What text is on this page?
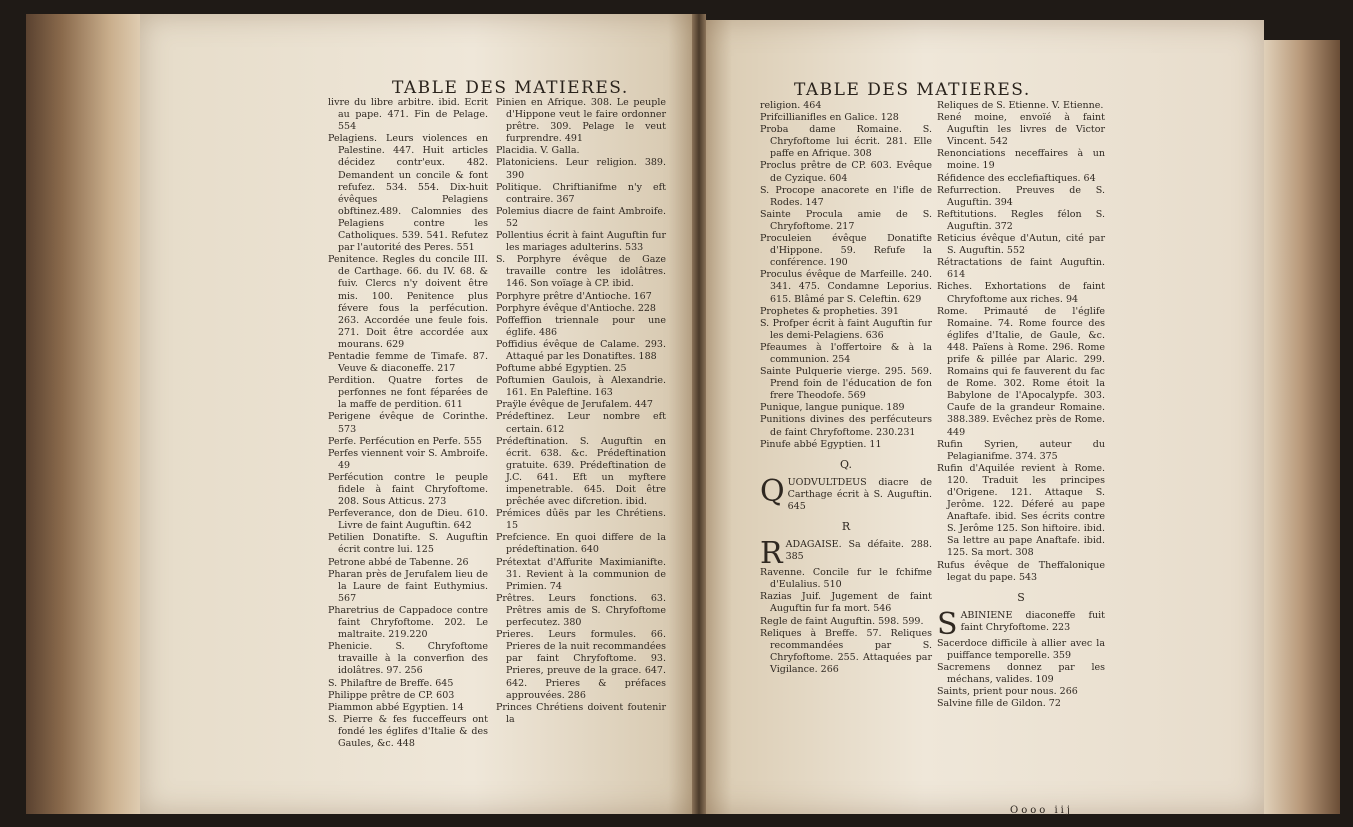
TABLE DES MATIERES.	TABLE DES MATIERES.

livre du libre arbitre. ibid. Ecrit au pape. 471. Fin de Pelage. 554

Pelagiens. Leurs violences en Palestine. 447. Huit articles décidez contr'eux. 482. Demandent un concile & font refufez. 534. 554. Dix-huit évêques Pelagiens obftinez.489. Calomnies des Pelagiens contre les Catholiques. 539. 541. Refutez par l'autorité des Peres. 551

Penitence. Regles du concile III. de Carthage. 66. du IV. 68. & fuiv. Clercs n'y doivent être mis. 100. Penitence plus févere fous la perfécution. 263. Accordée une feule fois. 271. Doit être accordée aux mourans. 629

Pentadie femme de Timafe. 87. Veuve & diaconeffe. 217

Perdition. Quatre fortes de perfonnes ne font féparées de la maffe de perdition. 611

Perigene évêque de Corinthe. 573

Perfe. Perfécution en Perfe. 555

Perfes viennent voir S. Ambroife. 49

Perfécution contre le peuple fidele à faint Chryfoftome. 208. Sous Atticus. 273

Perfeverance, don de Dieu. 610. Livre de faint Auguftin. 642

Petilien Donatifte. S. Auguftin écrit contre lui. 125

Petrone abbé de Tabenne. 26

Pharan près de Jerufalem lieu de la Laure de faint Euthymius. 567

Pharetrius de Cappadoce contre faint Chryfoftome. 202. Le maltraite. 219.220

Phenicie. S. Chryfoftome travaille à la converfion des idolâtres. 97. 256

S. Philaftre de Breffe. 645

Philippe prêtre de CP. 603

Piammon abbé Egyptien. 14

S. Pierre & fes fucceffeurs ont fondé les églifes d'Italie & des Gaules, &c. 448

Pinien en Afrique. 308. Le peuple d'Hippone veut le faire ordonner prêtre. 309. Pelage le veut furprendre. 491

Placidia. V. Galla.

Platoniciens. Leur religion. 389. 390

Politique. Chriftianifme n'y eft contraire. 367

Polemius diacre de faint Ambroife. 52

Pollentius écrit à faint Auguftin fur les mariages adulterins. 533

S. Porphyre évêque de Gaze travaille contre les idolâtres. 146. Son voïage à CP. ibid.

Porphyre prêtre d'Antioche. 167

Porphyre évêque d'Antioche. 228

Poffeffion triennale pour une églife. 486

Poffidius évêque de Calame. 293. Attaqué par les Donatiftes. 188

Poftume abbé Egyptien. 25

Poftumien Gaulois, à Alexandrie. 161. En Paleftine. 163

Praÿle évêque de Jerufalem. 447

Prédeftinez. Leur nombre eft certain. 612

Prédeftination. S. Auguftin en écrit. 638. &c. Prédeftination gratuite. 639. Prédeftination de J.C. 641. Eft un myftere impenetrable. 645. Doit être prêchée avec difcretion. ibid.

Prémices dûës par les Chrétiens. 15

Prefcience. En quoi differe de la prédeftination. 640

Prétextat d'Affurite Maximianifte. 31. Revient à la communion de Primien. 74

Prêtres. Leurs fonctions. 63. Prêtres amis de S. Chryfoftome perfecutez. 380

Prieres. Leurs formules. 66. Prieres de la nuit recommandées par faint Chryfoftome. 93. Prieres, preuve de la grace. 647. 642. Prieres & préfaces approuvées. 286

Princes Chrétiens doivent foutenir la

religion. 464

Prifcillianifles en Galice. 128

Proba dame Romaine. S. Chryfoftome lui écrit. 281. Elle paffe en Afrique. 308

Proclus prêtre de CP. 603. Evêque de Cyzique. 604

S. Procope anacorete en l'ifle de Rodes. 147

Sainte Procula amie de S. Chryfoftome. 217

Proculeien évêque Donatifte d'Hippone. 59. Refufe la conférence. 190

Proculus évêque de Marfeille. 240. 341. 475. Condamne Leporius. 615. Blâmé par S. Celeftin. 629

Prophetes & propheties. 391

S. Profper écrit à faint Auguftin fur les demi-Pelagiens. 636

Pfeaumes à l'offertoire & à la communion. 254

Sainte Pulquerie vierge. 295. 569. Prend foin de l'éducation de fon frere Theodofe. 569

Punique, langue punique. 189

Punitions divines des perfécuteurs de faint Chryfoftome. 230.231

Pinufe abbé Egyptien. 11

Q.

QUODVULTDEUS diacre de Carthage écrit à S. Auguftin. 645

R

RADAGAISE. Sa défaite. 288. 385

Ravenne. Concile fur le fchifme d'Eulalius. 510

Razias Juif. Jugement de faint Auguftin fur fa mort. 546

Regle de faint Auguftin. 598. 599.

Reliques à Breffe. 57. Reliques recommandées par S. Chryfoftome. 255. Attaquées par Vigilance. 266

Reliques de S. Etienne. V. Etienne.

René moine, envoïé à faint Auguftin les livres de Victor Vincent. 542

Renonciations neceffaires à un moine. 19

Réfidence des ecclefiaftiques. 64

Refurrection. Preuves de S. Auguftin. 394

Reftitutions. Regles félon S. Auguftin. 372

Reticius évêque d'Autun, cité par S. Auguftin. 552

Rétractations de faint Auguftin. 614

Riches. Exhortations de faint Chryfoftome aux riches. 94

Rome. Primauté de l'églife Romaine. 74. Rome fource des églifes d'Italie, de Gaule, &c. 448. Païens à Rome. 296. Rome prife & pillée par Alaric. 299. Romains qui fe fauverent du fac de Rome. 302. Rome étoit la Babylone de l'Apocalypfe. 303. Caufe de la grandeur Romaine. 388.389. Evêchez près de Rome. 449

Rufin Syrien, auteur du Pelagianifme. 374. 375

Rufin d'Aquilée revient à Rome. 120. Traduit les principes d'Origene. 121. Attaque S. Jerôme. 122. Déferé au pape Anaftafe. ibid. Ses écrits contre S. Jerôme 125. Son hiftoire. ibid. Sa lettre au pape Anaftafe. ibid. 125. Sa mort. 308

Rufus évêque de Theffalonique legat du pape. 543

S

SABINIENE diaconeffe fuit faint Chryfoftome. 223

Sacerdoce difficile à allier avec la puiffance temporelle. 359

Sacremens donnez par les méchans, valides. 109

Saints, prient pour nous. 266

Salvine fille de Gildon. 72

Oooo iij
